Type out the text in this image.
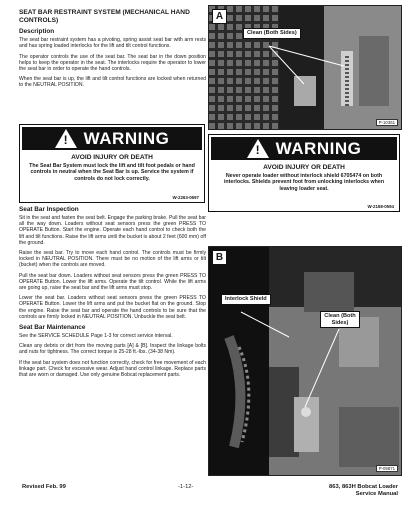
SEAT BAR RESTRAINT SYSTEM (MECHANICAL HAND CONTROLS)
Description

The seat bar restraint system has a pivoting, spring assist seat bar with arm rests and has spring loaded interlocks for the lift and tilt control functions.

The operator controls the use of the seat bar. The seat bar in the down position helps to keep the operator in the seat. The interlocks require the operator to lower the seat bar in order to operate the hand controls.

When the seat bar is up, the lift and tilt control functions are locked when returned to the NEUTRAL POSITION.

! WARNING
AVOID INJURY OR DEATH
The Seat Bar System must lock the lift and tilt foot pedals or hand controls in neutral when the Seat Bar is up. Service the system if controls do not lock correctly.
W-2263-0697
Seat Bar Inspection

Sit in the seat and fasten the seat belt. Engage the parking brake. Pull the seat bar all the way down. Loaders without seat sensors press the green PRESS TO OPERATE Button. Start the engine. Operate each hand control to check both the lift and tilt functions. Raise the lift arms until the bucket is about 2 feet (600 mm) off the ground.

Raise the seat bar. Try to move each hand control. The controls must be firmly locked in NEUTRAL POSITION. There must be no motion of the lift arms or tilt (bucket) when the controls are moved.

Pull the seat bar down. Loaders without seat sensors press the green PRESS TO OPERATE Button. Lower the lift arms. Operate the tilt control. While the lift arms are going up, raise the seat bar and the lift arms must stop.

Lower the seat bar. Loaders without seat sensors press the green PRESS TO OPERATE Button. Lower the lift arms and put the bucket flat on the ground. Stop the engine. Raise the seat bar and operate the hand controls to be sure that the controls are firmly locked in NEUTRAL POSITION. Unbuckle the seat belt.

Seat Bar Maintenance

See the SERVICE SCHEDULE Page 1-3 for correct service interval.

Clean any debris or dirt from the moving parts [A] & [B]. Inspect the linkage bolts and nuts for tightness. The correct torque is 25-28 ft.-lbs. (34-38 Nm).

If the seat bar system does not function correctly, check for free movement of each linkage part. Check for excessive wear. Adjust hand control linkage. Replace parts that are worn or damaged. Use only genuine Bobcat replacement parts.

A
Clean (Both Sides)
P-10361
! WARNING
AVOID INJURY OR DEATH
Never operate loader without interlock shield 6705474 on both interlocks. Shields prevent foot from unlocking interlocks when leaving loader seat.
W-2158-0594
B
Interlock Shield
Clean (Both Sides)
P-09871
Revised Feb. 99	-1-12-	863, 863H Bobcat Loader
Service Manual
